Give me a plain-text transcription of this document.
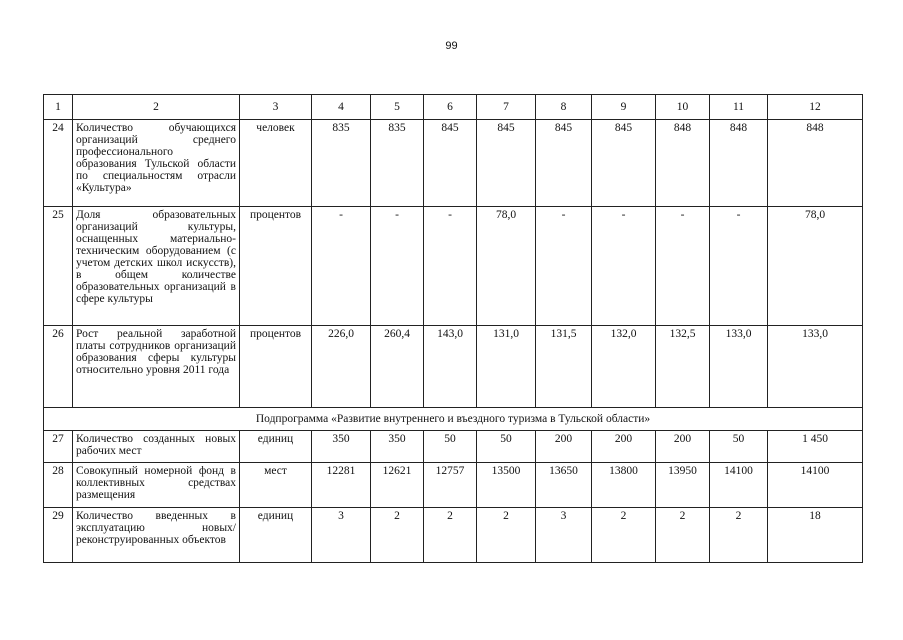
99
1	2	3	4	5	6	7	8	9	10	11	12
24	Количество обучающихся организаций среднего профессионального образования Тульской области по специальностям отрасли «Культура»	человек	835	835	845	845	845	845	848	848	848
25	Доля образовательных организаций культуры, оснащенных материально-техническим оборудованием (с учетом детских школ искусств), в общем количестве образовательных организаций в сфере культуры	процентов	-	-	-	78,0	-	-	-	-	78,0
26	Рост реальной заработной платы сотрудников организаций образования сферы культуры относительно уровня 2011 года	процентов	226,0	260,4	143,0	131,0	131,5	132,0	132,5	133,0	133,0
Подпрограмма «Развитие внутреннего и въездного туризма в Тульской области»											
27	Количество созданных новых рабочих мест	единиц	350	350	50	50	200	200	200	50	1 450
28	Совокупный номерной фонд в коллективных средствах размещения	мест	12281	12621	12757	13500	13650	13800	13950	14100	14100
29	Количество введенных в эксплуатацию новых/ реконструированных объектов	единиц	3	2	2	2	3	2	2	2	18
